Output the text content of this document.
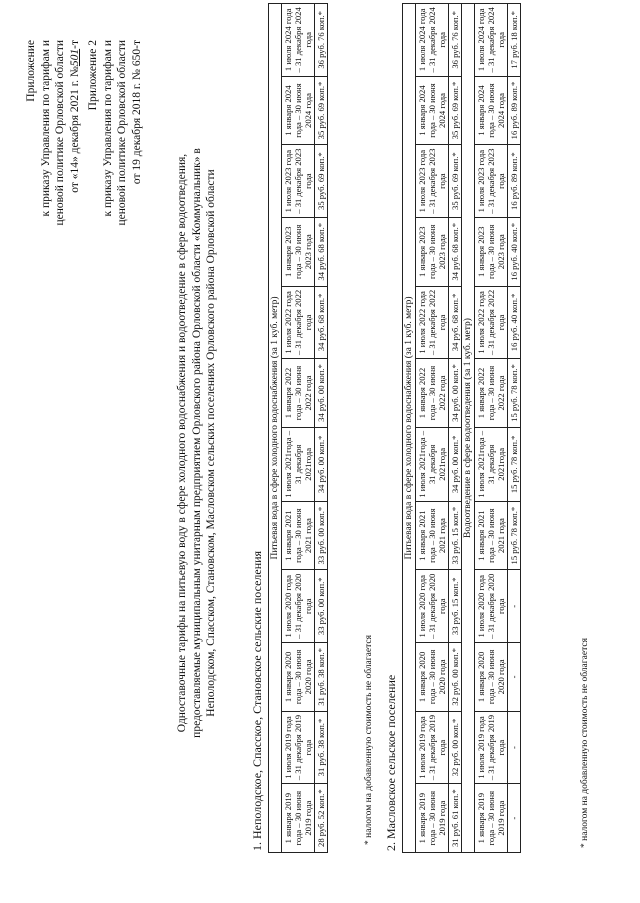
Приложение к приказу Управления по тарифам и ценовой политике Орловской области от «14» декабря 2021 г. №501-т Приложение 2 к приказу Управления по тарифам и ценовой политике Орловской области от 19 декабря 2018 г. № 650-т
Одноставочные тарифы на питьевую воду в сфере холодного водоснабжения и водоотведение в сфере водоотведения, предоставляемые муниципальным унитарным предприятием Орловского района Орловской области «Коммунальник» в Неполодском, Спасском, Становском, Масловском сельских поселениях Орловского района Орловской области	1. Неполодское, Спасское, Становское сельские поселения
Питьевая вода в сфере холодного водоснабжения (за 1 куб. метр)											
1 января 2019 года – 30 июня 2019 года	1 июля 2019 года – 31 декабря 2019 года	1 января 2020 года – 30 июня 2020 года	1 июля 2020 года – 31 декабря 2020 года	1 января 2021 года – 30 июня 2021 года	1 июля 2021года – 31 декабря 2021года	1 января 2022 года – 30 июня 2022 года	1 июля 2022 года – 31 декабря 2022 года	1 января 2023 года – 30 июня 2023 года	1 июля 2023 года – 31 декабря 2023 года	1 января 2024 года – 30 июня 2024 года	1 июля 2024 года – 31 декабря 2024 года
28 руб. 52 коп.*	31 руб. 38 коп.*	31 руб. 38 коп.*	33 руб. 00 коп.*	33 руб. 00 коп.*	34 руб. 00 коп.*	34 руб. 00 коп.*	34 руб. 68 коп.*	34 руб. 68 коп.*	35 руб. 69 коп.*	35 руб. 69 коп.*	36 руб. 76 коп.*
* налогом на добавленную стоимость не облагается 2. Масловское сельское поселение
Питьевая вода в сфере холодного водоснабжения (за 1 куб. метр)											
1 января 2019 года – 30 июня 2019 года	1 июля 2019 года – 31 декабря 2019 года	1 января 2020 года – 30 июня 2020 года	1 июля 2020 года – 31 декабря 2020 года	1 января 2021 года – 30 июня 2021 года	1 июля 2021года – 31 декабря 2021года	1 января 2022 года – 30 июня 2022 года	1 июля 2022 года – 31 декабря 2022 года	1 января 2023 года – 30 июня 2023 года	1 июля 2023 года – 31 декабря 2023 года	1 января 2024 года – 30 июня 2024 года	1 июля 2024 года – 31 декабря 2024 года
31 руб. 61 коп.*	32 руб. 00 коп.*	32 руб. 00 коп.*	33 руб. 15 коп.*	33 руб. 15 коп.*	34 руб. 00 коп.*	34 руб. 00 коп.*	34 руб. 68 коп.*	34 руб. 68 коп.*	35 руб. 69 коп.*	35 руб. 69 коп.*	36 руб. 76 коп.*
Водоотведение в сфере водоотведения (за 1 куб. метр)											
1 января 2019 года – 30 июня 2019 года	1 июля 2019 года – 31 декабря 2019 года	1 января 2020 года – 30 июня 2020 года	1 июля 2020 года – 31 декабря 2020 года	1 января 2021 года – 30 июня 2021 года	1 июля 2021года – 31 декабря 2021года	1 января 2022 года – 30 июня 2022 года	1 июля 2022 года – 31 декабря 2022 года	1 января 2023 года – 30 июня 2023 года	1 июля 2023 года – 31 декабря 2023 года	1 января 2024 года – 30 июня 2024 года	1 июля 2024 года – 31 декабря 2024 года
-	-	-	-	15 руб. 78 коп.*	15 руб. 78 коп.*	15 руб. 78 коп.*	16 руб. 40 коп.*	16 руб. 40 коп.*	16 руб. 89 коп.*	16 руб. 89 коп.*	17 руб. 18 коп.*
* налогом на добавленную стоимость не облагается
